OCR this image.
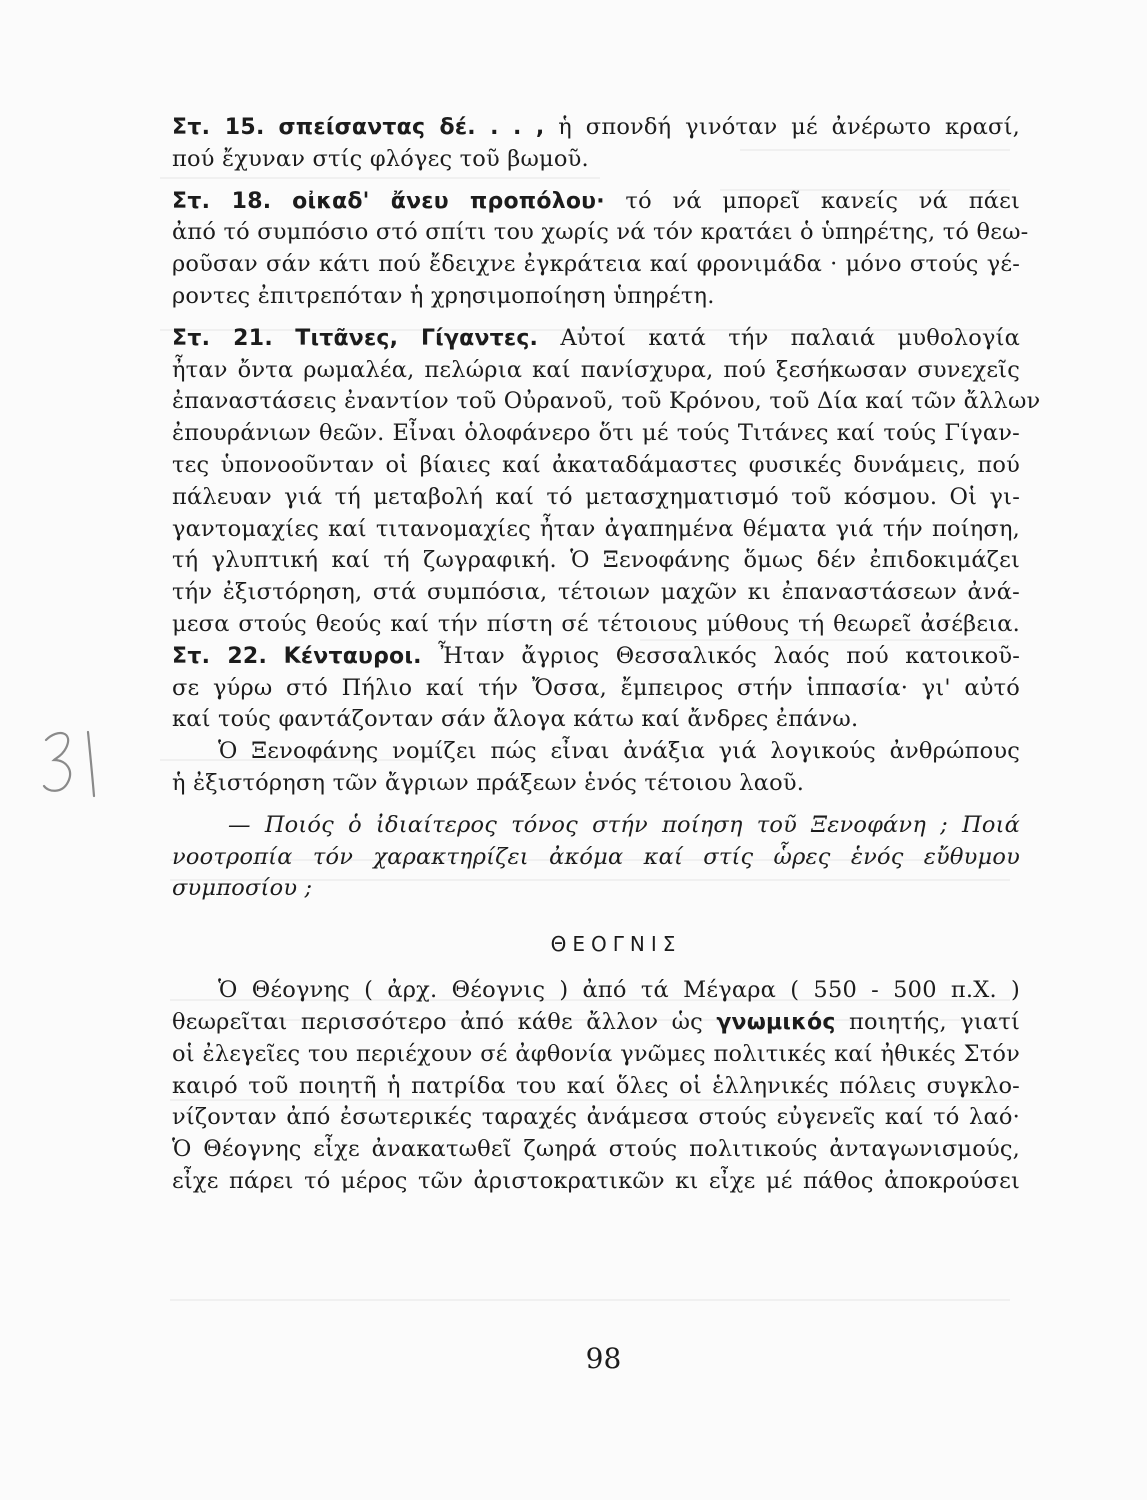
Στ. 15. σπείσαντας δέ. . . , ἡ σπονδή γινόταν μέ ἀνέρωτο κρασί,
πού ἔχυναν στίς φλόγες τοῦ βωμοῦ.
Στ. 18. οἰκαδ' ἄνευ προπόλου· τό νά μπορεῖ κανείς νά πάει
ἀπό τό συμπόσιο στό σπίτι του χωρίς νά τόν κρατάει ὁ ὑπηρέτης, τό θεω-
ροῦσαν σάν κάτι πού ἔδειχνε ἐγκράτεια καί φρονιμάδα · μόνο στούς γέ-
ροντες ἐπιτρεπόταν ἡ χρησιμοποίηση ὑπηρέτη.
Στ. 21. Τιτᾶνες, Γίγαντες. Αὐτοί κατά τήν παλαιά μυθολογία
ἦταν ὄντα ρωμαλέα, πελώρια καί πανίσχυρα, πού ξεσήκωσαν συνεχεῖς
ἐπαναστάσεις ἐναντίον τοῦ Οὐρανοῦ, τοῦ Κρόνου, τοῦ Δία καί τῶν ἄλλων
ἐπουράνιων θεῶν. Εἶναι ὁλοφάνερο ὅτι μέ τούς Τιτάνες καί τούς Γίγαν-
τες ὑπονοοῦνταν οἱ βίαιες καί ἀκαταδάμαστες φυσικές δυνάμεις, πού
πάλευαν γιά τή μεταβολή καί τό μετασχηματισμό τοῦ κόσμου. Οἱ γι-
γαντομαχίες καί τιτανομαχίες ἦταν ἀγαπημένα θέματα γιά τήν ποίηση,
τή γλυπτική καί τή ζωγραφική. Ὁ Ξενοφάνης ὅμως δέν ἐπιδοκιμάζει
τήν ἐξιστόρηση, στά συμπόσια, τέτοιων μαχῶν κι ἐπαναστάσεων ἀνά-
μεσα στούς θεούς καί τήν πίστη σέ τέτοιους μύθους τή θεωρεῖ ἀσέβεια.
Στ. 22. Κένταυροι. Ἦταν ἄγριος Θεσσαλικός λαός πού κατοικοῦ-
σε γύρω στό Πήλιο καί τήν Ὄσσα, ἔμπειρος στήν ἱππασία· γι' αὐτό
καί τούς φαντάζονταν σάν ἄλογα κάτω καί ἄνδρες ἐπάνω.
Ὁ Ξενοφάνης νομίζει πώς εἶναι ἀνάξια γιά λογικούς ἀνθρώπους
ἡ ἐξιστόρηση τῶν ἄγριων πράξεων ἑνός τέτοιου λαοῦ.
— Ποιός ὁ ἰδιαίτερος τόνος στήν ποίηση τοῦ Ξενοφάνη ; Ποιά
νοοτροπία τόν χαρακτηρίζει ἀκόμα καί στίς ὧρες ἑνός εὔθυμου
συμποσίου ;
ΘΕΟΓΝΙΣ
Ὁ Θέογνης ( ἀρχ. Θέογνις ) ἀπό τά Μέγαρα ( 550 - 500 π.Χ. )
θεωρεῖται περισσότερο ἀπό κάθε ἄλλον ὡς γνωμικός ποιητής, γιατί
οἱ ἐλεγεῖες του περιέχουν σέ ἀφθονία γνῶμες πολιτικές καί ἠθικές Στόν
καιρό τοῦ ποιητῆ ἡ πατρίδα του καί ὅλες οἱ ἑλληνικές πόλεις συγκλο-
νίζονταν ἀπό ἐσωτερικές ταραχές ἀνάμεσα στούς εὐγενεῖς καί τό λαό·
Ὁ Θέογνης εἶχε ἀνακατωθεῖ ζωηρά στούς πολιτικούς ἀνταγωνισμούς,
εἶχε πάρει τό μέρος τῶν ἀριστοκρατικῶν κι εἶχε μέ πάθος ἀποκρούσει
98
